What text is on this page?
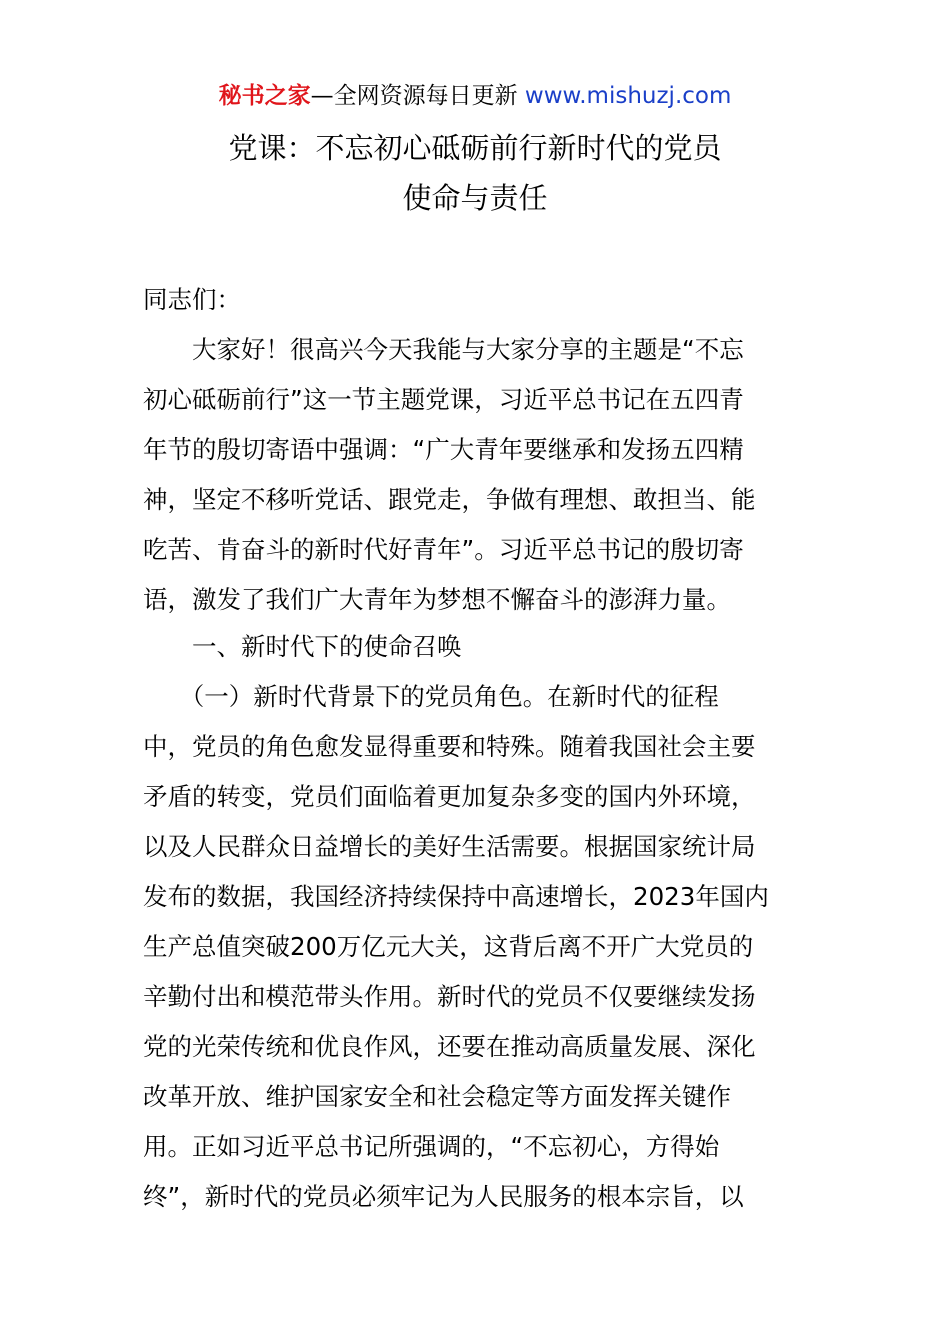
秘书之家—全网资源每日更新 www.mishuzj.com
党课：不忘初心砥砺前行新时代的党员
使命与责任
同志们：
　　大家好！很高兴今天我能与大家分享的主题是“不忘
初心砥砺前行”这一节主题党课，习近平总书记在五四青
年节的殷切寄语中强调：“广大青年要继承和发扬五四精
神，坚定不移听党话、跟党走，争做有理想、敢担当、能
吃苦、肯奋斗的新时代好青年”。习近平总书记的殷切寄
语，激发了我们广大青年为梦想不懈奋斗的澎湃力量。
　　一、新时代下的使命召唤
　　（一）新时代背景下的党员角色。在新时代的征程
中，党员的角色愈发显得重要和特殊。随着我国社会主要
矛盾的转变，党员们面临着更加复杂多变的国内外环境，
以及人民群众日益增长的美好生活需要。根据国家统计局
发布的数据，我国经济持续保持中高速增长，2023年国内
生产总值突破200万亿元大关，这背后离不开广大党员的
辛勤付出和模范带头作用。新时代的党员不仅要继续发扬
党的光荣传统和优良作风，还要在推动高质量发展、深化
改革开放、维护国家安全和社会稳定等方面发挥关键作
用。正如习近平总书记所强调的，“不忘初心，方得始
终”，新时代的党员必须牢记为人民服务的根本宗旨，以
